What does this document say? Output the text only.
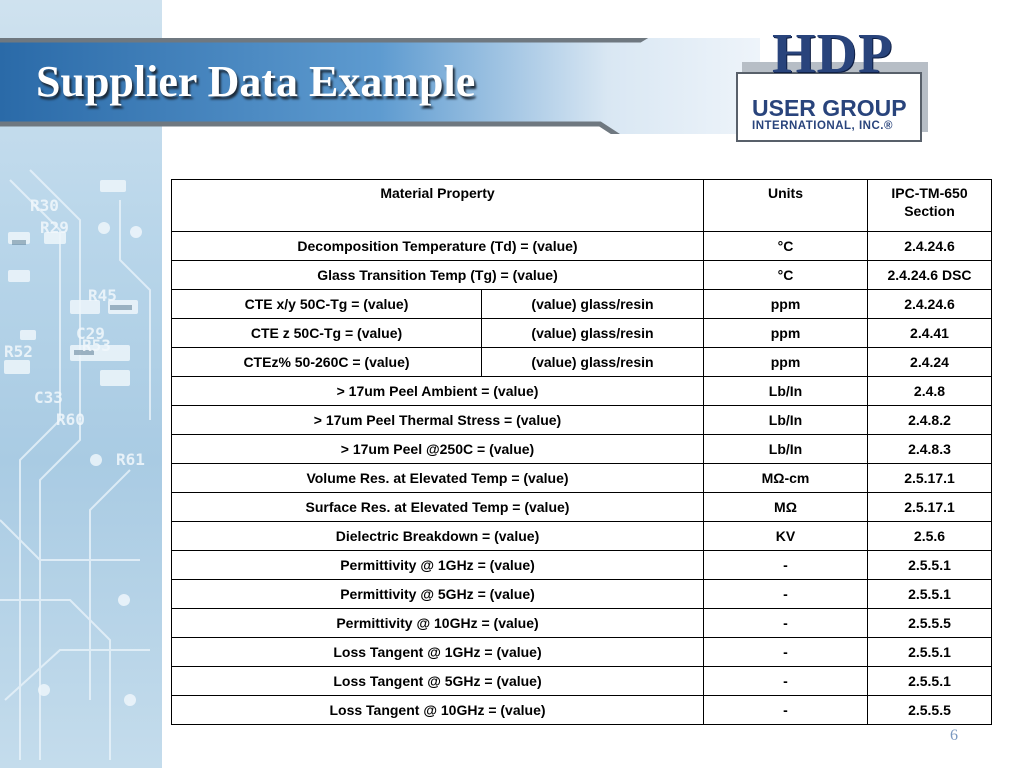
R30
R29
R45
C29
R52	R53
C33
R60
R61
Supplier Data Example	HDP
USER GROUP
INTERNATIONAL, INC.®
Material Property		Units	IPC-TM-650 Section
Decomposition Temperature (Td) = (value)		°C	2.4.24.6
Glass Transition Temp (Tg) = (value)		°C	2.4.24.6 DSC
CTE x/y 50C-Tg = (value)	(value) glass/resin	ppm	2.4.24.6
CTE z 50C-Tg = (value)	(value) glass/resin	ppm	2.4.41
CTEz% 50-260C = (value)	(value) glass/resin	ppm	2.4.24
> 17um Peel Ambient = (value)		Lb/In	2.4.8
> 17um Peel Thermal Stress = (value)		Lb/In	2.4.8.2
> 17um Peel @250C = (value)		Lb/In	2.4.8.3
Volume Res. at Elevated Temp = (value)		MΩ-cm	2.5.17.1
Surface Res. at Elevated Temp = (value)		MΩ	2.5.17.1
Dielectric Breakdown = (value)		KV	2.5.6
Permittivity @ 1GHz = (value)		-	2.5.5.1
Permittivity @ 5GHz = (value)		-	2.5.5.1
Permittivity @ 10GHz = (value)		-	2.5.5.5
Loss Tangent @ 1GHz = (value)		-	2.5.5.1
Loss Tangent @ 5GHz = (value)		-	2.5.5.1
Loss Tangent @ 10GHz = (value)		-	2.5.5.5
6
